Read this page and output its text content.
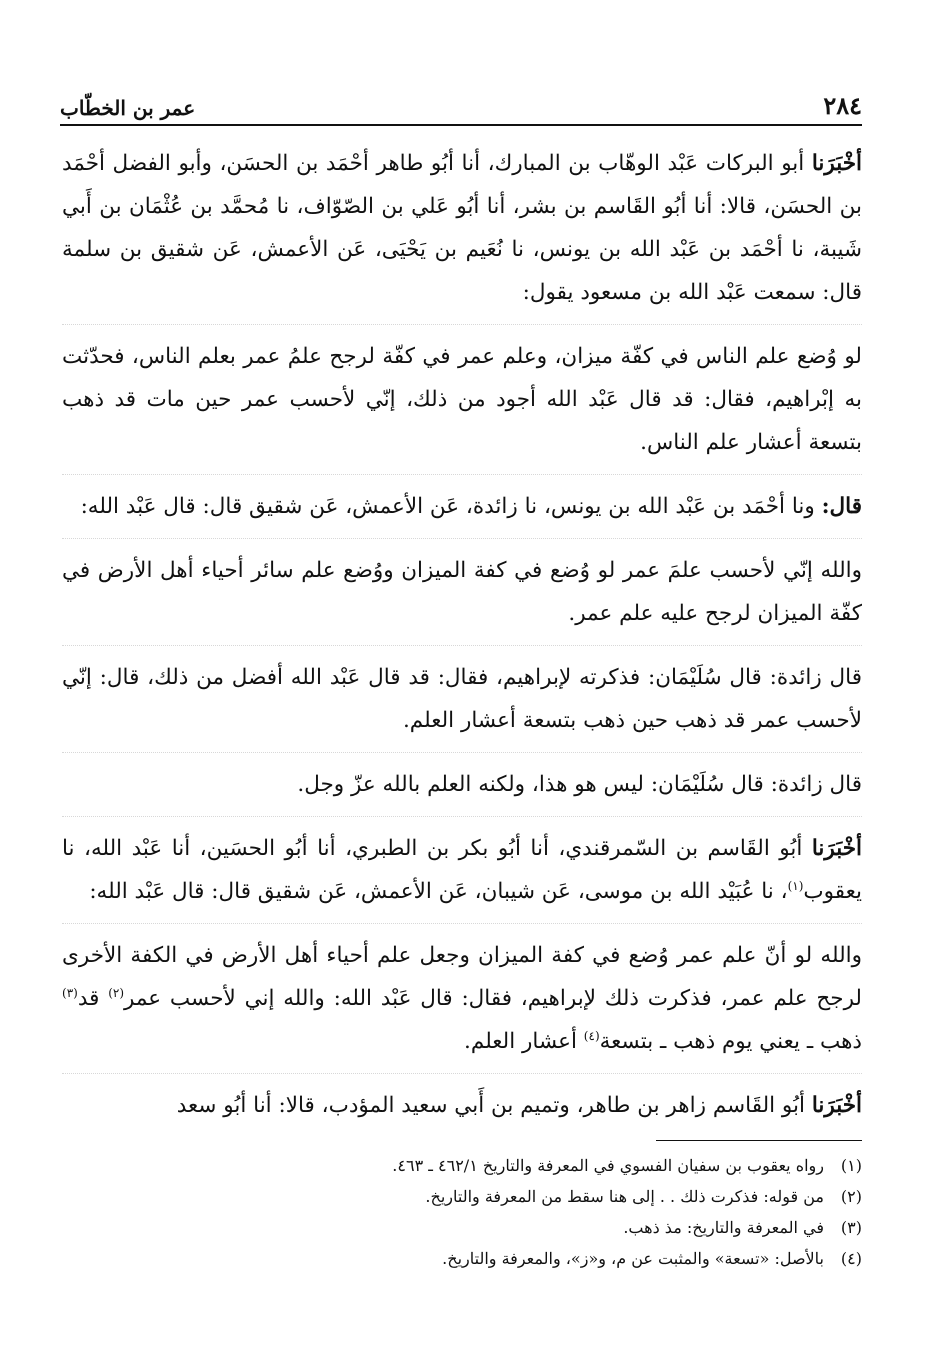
٢٨٤
عمر بن الخطّاب

أخْبَرَنا أبو البركات عَبْد الوهّاب بن المبارك، أنا أبُو طاهر أحْمَد بن الحسَن، وأبو الفضل أحْمَد بن الحسَن، قالا: أنا أبُو القَاسم بن بشر، أنا أبُو عَلي بن الصّوّاف، نا مُحمَّد بن عُثْمَان بن أَبي شَيبة، نا أحْمَد بن عَبْد الله بن يونس، نا نُعَيم بن يَحْيَى، عَن الأعمش، عَن شقيق بن سلمة قال: سمعت عَبْد الله بن مسعود يقول:

لو وُضع علم الناس في كفّة ميزان، وعلم عمر في كفّة لرجح علمُ عمر بعلم الناس، فحدّثت به إبْراهيم، فقال: قد قال عَبْد الله أجود من ذلك، إنّي لأحسب عمر حين مات قد ذهب بتسعة أعشار علم الناس.

قال: ونا أحْمَد بن عَبْد الله بن يونس، نا زائدة، عَن الأعمش، عَن شقيق قال: قال عَبْد الله:

والله إنّي لأحسب علمَ عمر لو وُضع في كفة الميزان ووُضع علم سائر أحياء أهل الأرض في كفّة الميزان لرجح عليه علم عمر.

قال زائدة: قال سُلَيْمَان: فذكرته لإبراهيم، فقال: قد قال عَبْد الله أفضل من ذلك، قال: إنّي لأحسب عمر قد ذهب حين ذهب بتسعة أعشار العلم.

قال زائدة: قال سُلَيْمَان: ليس هو هذا، ولكنه العلم بالله عزّ وجل.

أخْبَرَنا أبُو القَاسم بن السّمرقندي، أنا أبُو بكر بن الطبري، أنا أبُو الحسَين، أنا عَبْد الله، نا يعقوب$^{(١)}$، نا عُبَيْد الله بن موسى، عَن شيبان، عَن الأعمش، عَن شقيق قال: قال عَبْد الله:

والله لو أنّ علم عمر وُضع في كفة الميزان وجعل علم أحياء أهل الأرض في الكفة الأخرى لرجح علم عمر، فذكرت ذلك لإبراهيم، فقال: قال عَبْد الله: والله إني لأحسب عمر$^{(٢)}$ قد$^{(٣)}$ ذهب ـ يعني يوم ذهب ـ بتسعة$^{(٤)}$ أعشار العلم.

أخْبَرَنا أبُو القَاسم زاهر بن طاهر، وتميم بن أَبي سعيد المؤدب، قالا: أنا أبُو سعد

(١)
رواه يعقوب بن سفيان الفسوي في المعرفة والتاريخ ٤٦٢/١ ـ ٤٦٣.
(٢)
من قوله: فذكرت ذلك . . إلى هنا سقط من المعرفة والتاريخ.
(٣)
في المعرفة والتاريخ: مذ ذهب.
(٤)
بالأصل: «تسعة» والمثبت عن م، و«ز»، والمعرفة والتاريخ.
